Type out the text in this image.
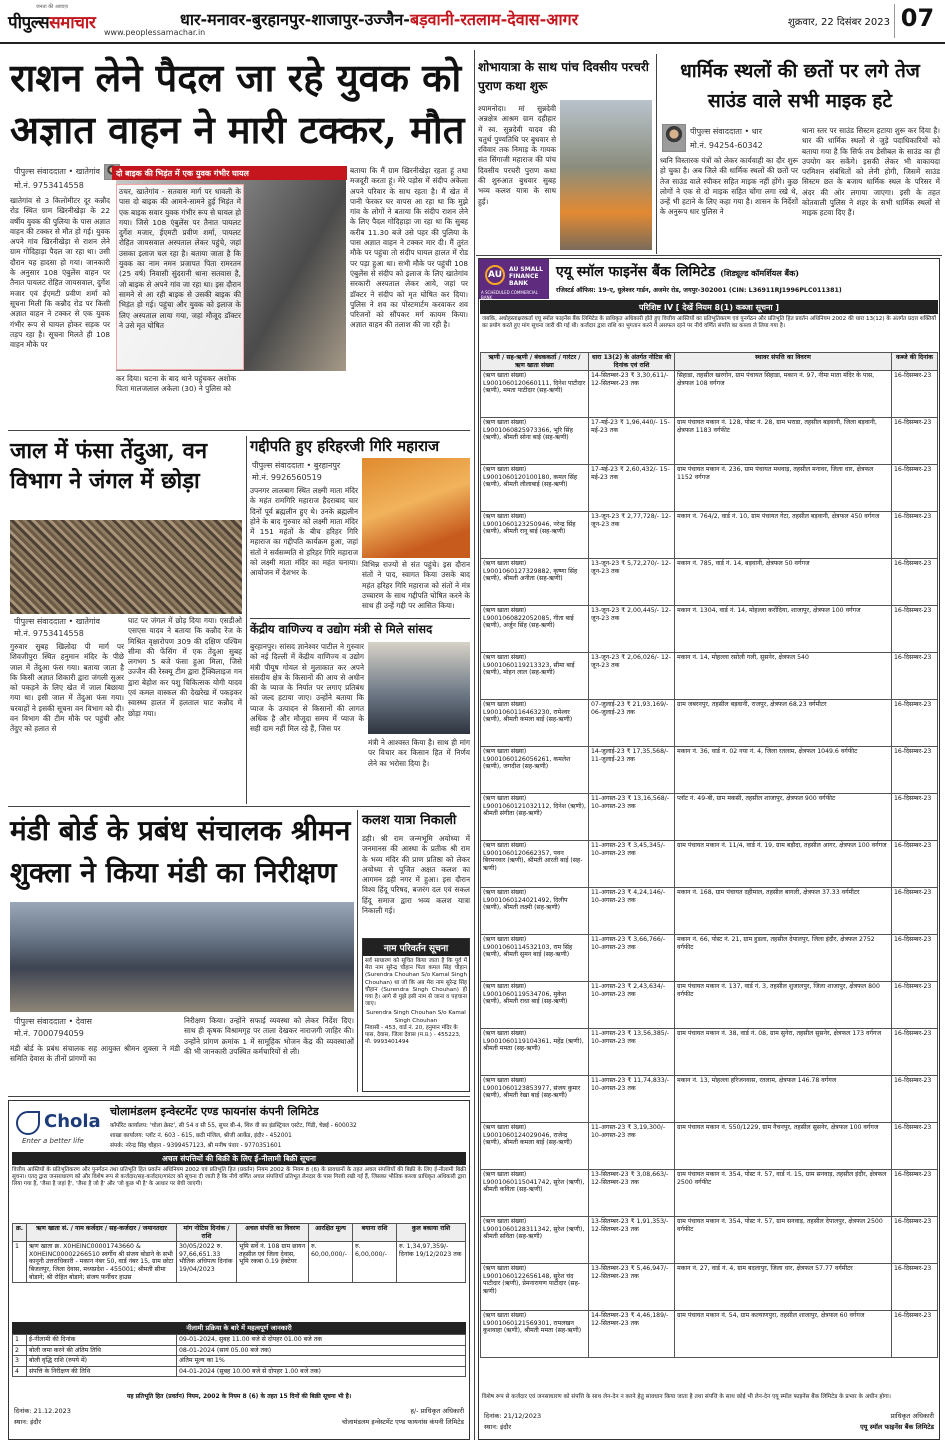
जनता की आवाज़
पीपुल्ससमाचार www.peoplessamachar.in
धार-मनावर-बुरहानपुर-शाजापुर-उज्जैन-बड़वानी-रतलाम-देवास-आगर	शुक्रवार, 22 दिसंबर 2023 07
राशन लेने पैदल जा रहे युवक को अज्ञात वाहन ने मारी टक्कर, मौत
पीपुल्स संवाददाता • खातेगांव
मो.नं. 9753414558
खातेगांव से 3 किलोमीटर दूर कन्नौद रोड स्थित ग्राम खिरनीखेड़ा के 22 वर्षीय युवक की पुलिया के पास अज्ञात वाहन की टक्कर से मौत हो गई। युवक अपने गांव खिरनीखेड़ा से राशन लेने ग्राम गोदिहाड़ा पैदल जा रहा था। उसी दौरान यह हादसा हो गया। जानकारी के अनुसार 108 एंबुलेंस वाहन पर तैनात पायलट रोहित जायसवाल, दुर्गेश मजार एवं ईएमटी प्रवीण शर्मा को सूचना मिली कि कन्नौद रोड पर किसी अज्ञात वाहन ने टक्कर से एक युवक गंभीर रूप से घायल होकर सड़क पर तड़प रहा है। सूचना मिलते ही 108 वाहन मौके पर
दो बाइक की भिड़ंत में एक युवक गंभीर घायल
ठचर, खातेगांव - सतवास मार्ग पर धावली के पास दो बाइक की आमने-सामने हुई भिड़ंत में एक बाइक सवार युवक गंभीर रूप से घायल हो गया। जिसे 108 एंबुलेंस पर तैनात पायलट दुर्गेश मजार, ईएमटी प्रवीण शर्मा, पायलट रोहित जायसवाल अस्पताल लेकर पहुंचे, जहां उसका इलाज चल रहा है। बताया जाता है कि युवक का नाम नमन प्रजापत पिता रामरतन (25 वर्ष) निवासी सुंदरानी थाना सतवास है, जो बाइक से अपने गांव जा रहा था। इस दौरान सामने से आ रही बाइक से उसकी बाइक की भिड़ंत हो गई। पहुंचा और युवक को इलाज के लिए अस्पताल लाया गया, जहां मौजूद डॉक्टर ने उसे मृत घोषित
कर दिया। घटना के बाद थाने पहुंचकर अशोक पिता मालजलाल अकेला (30) ने पुलिस को
बताया कि मैं ग्राम खिरनीखेड़ा रहता हूं तथा मजदूरी करता हूं। मेरे पड़ोस में संदीप अकेला अपने परिवार के साथ रहता है। मैं खेत में पानी फेरकर घर वापस आ रहा था कि मुझे गांव के लोगों ने बताया कि संदीप राशन लेने के लिए पैदल गोदिहाड़ा जा रहा था कि सुबह करीब 11.30 बजे उसे पहर की पुलिया के पास अज्ञात वाहन ने टक्कर मार दी। मैं तुरंत मौके पर पहुंचा तो संदीप घायल हालत में रोड पर पड़ा हुआ था। सभी मौके पर पहुंची 108 एंबुलेंस से संदीप को इलाज के लिए खातेगांव सरकारी अस्पताल लेकर आये, जहां पर डॉक्टर ने संदीप को मृत घोषित कर दिया। पुलिस ने शव का पोस्टमार्टम करवाकर शव परिजनों को सौंपकर मर्ग कायम किया। अज्ञात वाहन की तलाश की जा रही है।
जाल में फंसा तेंदुआ, वन विभाग ने जंगल में छोड़ा
पीपुल्स संवाददाता • खातेगांव
मो.नं. 9753414558
गुरुवार सुबह खिलोदा पी मार्ग पर शिवजीपुरा स्थित हनुमान मंदिर के पीछे जाल में तेंदुआ फंस गया। बताया जाता है कि किसी अज्ञात शिकारी द्वारा जंगली सुअर को पकड़ने के लिए खेत में जाल बिछाया गया था। इसी जाल में तेंदुआ फंस गया। चरवाहों ने इसकी सूचना वन विभाग को दी। वन विभाग की टीम मौके पर पहुंची और तेंदुए को हलात से
घाट पर जंगल में छोड़ दिया गया। एसडीओ एसएस यादव ने बताया कि कन्नौद रेंज के मिश्रित वृक्षारोपण 309 की दक्षिण पश्चिम सीमा की फेंसिंग में एक तेंदुआ सुबह लगभग 5 बजे फंसा हुआ मिला, जिसे उज्जैन की रेस्क्यू टीम द्वारा ट्रैंक्विलाइज गन द्वारा बेहोश कर पशु चिकित्सक योगी यादव एवं कमल वास्कल की देखरेख में पकड़कर स्वास्थ्य हालत में हलताल घाट कन्नौद में छोड़ा गया।
गद्दीपति हुए हरिहरजी गिरि महाराज
पीपुल्स संवाददाता • बुरहानपुर
मो.नं. 9926560519
उपनगर लालबाग स्थित लक्ष्मी माता मंदिर के महंत रामगिरि महाराज हैदराबाद चार दिनों पूर्व ब्रह्मलीन हुए थे। उनके ब्रह्मलीन होने के बाद गुरुवार को लक्ष्मी माता मंदिर में 151 महंतों के बीच हरिहर गिरि महाराज का गद्दीपति कार्यक्रम हुआ, जहां संतों ने सर्वसम्मति से हरिहर गिरि महाराज को लक्ष्मी माता मंदिर का महंत चनाया। आयोजन में देशभर के
विभिन्न राज्यों से संत पहुंचे। इस दौरान संतों ने पाद, स्वागत किया उसके बाद महंत हरिहर गिरि महाराज को संतों ने मंत्र उच्चारण के साथ गद्दीपति घोषित करने के साथ ही उन्हें गद्दी पर आसित किया।
केंद्रीय वाणिज्य व उद्योग मंत्री से मिले सांसद
बुरहानपुर। सांसद ज्ञानेश्वर पाटील ने गुरुवार को नई दिल्ली में केंद्रीय वाणिज्य व उद्योग मंत्री पीयूष गोयल से मुलाकात कर अपने संसदीय क्षेत्र के किसानों की आय से अधीन की के प्याज के निर्यात पर लगाए प्रतिबंध को जल्द हटाया जाए। उन्होंने बताया कि प्याज के उत्पादन से किसानों की लागत अधिक है और मौजूदा समय में प्याज के सही दाम नहीं मिल रहे हैं, जिस पर
मंत्री ने आश्वस्त किया है। साथ ही मांग पर विचार कर किसान हित में निर्णय लेने का भरोसा दिया है।
मंडी बोर्ड के प्रबंध संचालक श्रीमन शुक्ला ने किया मंडी का निरीक्षण
पीपुल्स संवाददाता • देवास
मो.नं. 7000794059
मंडी बोर्ड के प्रबंध संचालक सह आयुक्त श्रीमन शुक्ला ने मंडी समिति देवास के तीनों प्रांगणों का
निरीक्षण किया। उन्होंने सफाई व्यवस्था को लेकर निर्देश दिए। साथ ही कृषक विश्रामगृह पर ताला देखकर नाराजगी जाहिर की। उन्होंने प्रांगण क्रमांक 1 में सामूहिक भोजन केंद्र की व्यवस्थाओं की भी जानकारी उपस्थित कर्मचारियों से ली।
कलश यात्रा निकाली
डही। श्री राम जन्मभूमि अयोध्या में जनमानस की आस्था के प्रतीक श्री राम के भव्य मंदिर की प्राण प्रतिष्ठा को लेकर अयोध्या से पूजित अक्षत कलश का आगमन डही नगर में हुआ। इस दौरान विश्व हिंदू परिषद, बजरंग दल एवं सकल हिंदू समाज द्वारा भव्य कलश यात्रा निकाली गई।
नाम परिवर्तन सूचना
सर्व साधारण को सूचित किया जाता है कि पूर्व में मेरा नाम सुरेन्द्र चौहान पिता कमल सिंह चौहान (Surendra Chouhan S/o Kamal Singh Chouhan) था जो कि अब मेरा नाम सुरेन्द्र सिंह चौहान (Surendra Singh Chouhan) हो गया है। आगे से मुझे इसी नाम से जाना व पहचाना जाए।
Surendra Singh Chouhan S/o Kamal Singh Chouhan
निवासी - 453, वार्ड नं. 20, हनुमान मंदिर के पास, देवास, जिला देवास (म.प्र.) - 455223, मो. 9993401494
Chola
Enter a better life
चोलामंडलम इन्वेस्टमेंट एण्ड फायनांस कंपनी लिमिटेड
कॉर्पोरेट कार्यालय: 'चोला क्रेस्ट', सी 54 व सी 55, सुपर बी-4, थिरु वी का इंडस्ट्रियल एस्टेट, गिंडी, चेन्नई - 600032
शाखा कार्यालय: प्लॉट नं. 603 - 615, छठी मंजिल, श्रीजी आर्केड, इंदौर - 452001
संपर्क: नरेन्द्र सिंह चौहान - 9399457123, श्री मनीष पंवार - 9770351601
अचल संपत्तियों की बिक्री के लिए ई-नीलामी बिक्री सूचना
वित्तीय आस्तियों के प्रतिभूतिकरण और पुनर्गठन तथा प्रतिभूति हित प्रवर्तन अधिनियम 2002 एवं प्रतिभूति हित (प्रवर्तन) नियम 2002 के नियम 8 (6) के प्रावधानों के तहत अचल संपत्तियों की बिक्री के लिए ई-नीलामी बिक्री सूचना। एतद् द्वारा जनसाधारण को और विशेष रूप से कर्जदार/सह-कर्जदार/गारंटर को सूचना दी जाती है कि नीचे वर्णित अचल संपत्तियाँ प्रतिभूत लेनदार के पास गिरवी रखी गई हैं, जिसका भौतिक कब्जा प्राधिकृत अधिकारी द्वारा लिया गया है, 'जैसा है जहां है', 'जैसा है जो है' और 'जो कुछ भी है' के आधार पर बेची जाएगी।
क्र.	ऋण खाता सं. / नाम कर्जदार / सह-कर्जदार / जमानतदार	मांग नोटिस दिनांक / राशि	अचल संपत्ति का विवरण	आरक्षित मूल्य	बयाना राशि	कुल बकाया राशि
1	ऋण खाता क्र. X0HEINC00001743660 & X0HEINC00002266510 स्वर्गीय श्री संजय बोडाने के सभी कानूनी उत्तराधिकारी - मकान नंबर 50, वार्ड नंबर 15, ग्राम छोटा बिजलपुर, जिला देवास, मध्यप्रदेश - 455001; श्रीमती सीमा बोडाने; श्री रोहित बोडाने; संजय फर्नीचर हाउस	30/05/2022 रु. 97,66,651.33
भौतिक अधिपत्य दिनांक 19/04/2023	भूमि सर्वे नं. 108 ग्राम छायन तहसील एवं जिला देवास, भूमि रकबा 0.19 हेक्टेयर	रु. 60,00,000/-	रु. 6,00,000/-	रु. 1,34,97,359/- दिनांक 19/12/2023 तक
नीलामी प्रक्रिया के बारे में महत्वपूर्ण जानकारी
1	ई-नीलामी की दिनांक	09-01-2024, सुबह 11.00 बजे से दोपहर 01.00 बजे तक
2	बोली जमा करने की अंतिम तिथि	08-01-2024 (सायं 05.00 बजे तक)
3	बोली वृद्धि राशि (रुपये में)	अंतिम मूल्य का 1%
4	संपत्ति के निरीक्षण की तिथि	04-01-2024 (सुबह 10.00 बजे से दोपहर 1.00 बजे तक)
यह प्रतिभूति हित (प्रवर्तन) नियम, 2002 के नियम 8 (6) के तहत 15 दिनों की बिक्री सूचना भी है।
दिनांक: 21.12.2023
स्थान: इंदौर
ह/- प्राधिकृत अधिकारी
चोलामंडलम इन्वेस्टमेंट एण्ड फायनांस कंपनी लिमिटेड
शोभायात्रा के साथ पांच दिवसीय परचरी पुराण कथा शुरू
श्यामनोदा। मां सुन्नदेवी अन्नक्षेत्र आश्रम ग्राम दहीहार में स्व. सुन्नदेवी यादव की चतुर्थ पुण्यतिथि पर बुधवार से रविवार तक निमाड़ के गायक संत सिंगाजी महाराज की पांच दिवसीय परचरी पुराण कथा की शुरुआत बुधवार सुबह भव्य कलश यात्रा के साथ हुई।
धार्मिक स्थलों की छतों पर लगे तेज साउंड वाले सभी माइक हटे
पीपुल्स संवाददाता • धार
मो.नं. 94254-60342
ध्वनि विस्तारक यंत्रों को लेकर कार्यवाही का दौर शुरू हो चुका है। अब जिले की धार्मिक स्थलों की छतों पर तेज साउंड वाले स्पीकर सहित माइक नहीं होंगे। कुछ लोगों ने एक से दो माइक सहित चोंगा लगा रखे थे, उन्हें भी हटाने के लिए कहा गया है। शासन के निर्देशों के अनुरूप धार पुलिस ने
थाना स्तर पर साउंड सिस्टम हटाया शुरू कर दिया है। धार की धार्मिक स्थलों से जुड़े पदाधिकारियों को बताया गया है कि सिर्फ तय डेसीबल के साउंड का ही उपयोग कर सकेंगे। इसकी लेकर भी वाकायदा परमिशन संबंधितों को लेनी होगी, जिसमें साउंड सिस्टम छत के बजाय धार्मिक स्थल के परिसर में अंदर की ओर लगाया जाएगा। इसी के तहत कोतवाली पुलिस ने शहर के सभी धार्मिक स्थलों से माइक हटवा दिए हैं।
AU
AU SMALL FINANCE BANK
A SCHEDULED COMMERCIAL BANK
एयू स्मॉल फाइनेंस बैंक लिमिटेड (शिड्यूल्ड कॉमर्शियल बैंक)
रजिस्टर्ड ऑफिस: 19-ए, धुलेश्वर गार्डन, अजमेर रोड, जयपुर-302001 (CIN: L36911RJ1996PLC011381)
परिशिष्ट IV [ देखें नियम 8(1) कब्जा सूचना ]
जबकि, अधोहस्ताक्षरकर्ता एयू स्मॉल फाइनेंस बैंक लिमिटेड के प्राधिकृत अधिकारी होते हुए वित्तीय आस्तियों का प्रतिभूतिकरण एवं पुनर्गठन और प्रतिभूति हित प्रवर्तन अधिनियम 2002 की धारा 13(12) के अंतर्गत प्रदत्त शक्तियों का प्रयोग करते हुए मांग सूचना जारी की गई थी। कर्जदार द्वारा राशि का भुगतान करने में असफल रहने पर नीचे वर्णित संपत्ति का कब्जा ले लिया गया है।
ऋणी / सह-ऋणी / बंधककर्ता / गारंटर / ऋण खाता संख्या	धारा 13(2) के अंतर्गत नोटिस की दिनांक एवं राशि	स्थावर संपत्ति का विवरण	कब्जे की दिनांक
(ऋण खाता संख्या) L9001060120660111, दिनेश पाटीदार (ऋणी), ममता पाटीदार (सह-ऋणी)	14-सितम्बर-23 ₹ 3,30,611/- 12-सितम्बर-23 तक	सिहाडा, तहसील खरगोन, ग्राम पंचायत सिहाडा, मकान नं. 97, नीमा माता मंदिर के पास, क्षेत्रफल 108 वर्गगज	16-दिसम्बर-23
(ऋण खाता संख्या) L9001060825973366, भूरि सिंह (ऋणी), श्रीमती सोना बाई (सह-ऋणी)	17-मई-23 ₹ 1,96,440/- 15-मई-23 तक	ग्राम पंचायत मकान नं. 128, पोस्ट नं. 28, ग्राम भराडा, तहसील बड़वानी, जिला बड़वानी, क्षेत्रफल 1183 वर्गफीट	16-दिसम्बर-23
(ऋण खाता संख्या) L9001060120100180, कमल सिंह (ऋणी), श्रीमती लीलाबाई (सह-ऋणी)	17-मई-23 ₹ 2,60,432/- 15-मई-23 तक	ग्राम पंचायत मकान नं. 236, ग्राम पंचायत मथवाड़, तहसील मनावर, जिला धार, क्षेत्रफल 1152 वर्गगज	16-दिसम्बर-23
(ऋण खाता संख्या) L9001060123250946, नरेन्द्र सिंह (ऋणी), श्रीमती रानू बाई (सह-ऋणी)	13-जून-23 ₹ 2,77,728/- 12-जून-23 तक	मकान नं. 764/2, वार्ड नं. 10, ग्राम पंचायत गेटा, तहसील बड़वानी, क्षेत्रफल 450 वर्गगज	16-दिसम्बर-23
(ऋण खाता संख्या) L9001060127329882, कृष्णा सिंह (ऋणी), श्रीमती अनीता (सह-ऋणी)	13-जून-23 ₹ 5,72,270/- 12-जून-23 तक	मकान नं. 785, वार्ड नं. 14, बड़वानी, क्षेत्रफल 50 वर्गगज	16-दिसम्बर-23
(ऋण खाता संख्या) L9001060822052085, गीता बाई (ऋणी), अर्जुन सिंह (सह-ऋणी)	13-जून-23 ₹ 2,00,445/- 12-जून-23 तक	मकान नं. 1304, वार्ड नं. 14, मोहल्ला करोंदिया, शाजापुर, क्षेत्रफल 100 वर्गगज	16-दिसम्बर-23
(ऋण खाता संख्या) L9001060119213323, सीमा बाई (ऋणी), मोहन लाल (सह-ऋणी)	13-जून-23 ₹ 2,06,026/- 12-जून-23 तक	मकान नं. 14, मोहल्ला रसोली गली, सुसनेर, क्षेत्रफल 540	16-दिसम्बर-23
(ऋण खाता संख्या) L9001060116463230, रामेश्वर (ऋणी), श्रीमती कमला बाई (सह-ऋणी)	07-जुलाई-23 ₹ 21,93,169/- 06-जुलाई-23 तक	ग्राम जबरनपुर, तहसील बड़वानी, राजपुर, क्षेत्रफल 68.23 वर्गमीटर	16-दिसम्बर-23
(ऋण खाता संख्या) L9001060126056261, कमलेश (ऋणी), जगदीश (सह-ऋणी)	14-जुलाई-23 ₹ 17,35,568/- 11-जुलाई-23 तक	मकान नं. 36, वार्ड नं. 02 नया नं. 4, जिला रतलाम, क्षेत्रफल 1049.6 वर्गफीट	16-दिसम्बर-23
(ऋण खाता संख्या) L9001060121032112, दिनेश (ऋणी), श्रीमती संगीता (सह-ऋणी)	11-अगस्त-23 ₹ 13,16,568/- 10-अगस्त-23 तक	प्लॉट नं. 49-बी, ग्राम मकसी, तहसील शाजापुर, क्षेत्रफल 900 वर्गफीट	16-दिसम्बर-23
(ऋण खाता संख्या) L9001060120662357, पवन बिरमनवार (ऋणी), श्रीमती आरती बाई (सह-ऋणी)	11-अगस्त-23 ₹ 3,45,345/- 10-अगस्त-23 तक	ग्राम पंचायत मकान नं. 11/4, वार्ड नं. 19, ग्राम बड़ौदा, तहसील आगर, क्षेत्रफल 100 वर्गगज	16-दिसम्बर-23
(ऋण खाता संख्या) L9001060124021492, दिलीप (ऋणी), श्रीमती लक्ष्मी (सह-ऋणी)	11-अगस्त-23 ₹ 4,24,146/- 10-अगस्त-23 तक	मकान नं. 168, ग्राम पंचायत दहीमाल, तहसील बागली, क्षेत्रफल 37.33 वर्गमीटर	16-दिसम्बर-23
(ऋण खाता संख्या) L9001060114532103, राम सिंह (ऋणी), श्रीमती सुमन बाई (सह-ऋणी)	11-अगस्त-23 ₹ 3,66,766/- 10-अगस्त-23 तक	मकान नं. 66, पोस्ट नं. 21, ग्राम हुडला, तहसील देपालपुर, जिला इंदौर, क्षेत्रफल 2752 वर्गफीट	16-दिसम्बर-23
(ऋण खाता संख्या) L9001060119534706, मुकेश (ऋणी), श्रीमती राधा बाई (सह-ऋणी)	11-अगस्त-23 ₹ 2,43,634/- 10-अगस्त-23 तक	ग्राम पंचायत मकान नं. 137, वार्ड नं. 3, तहसील शुजालपुर, जिला शाजापुर, क्षेत्रफल 800 वर्गफीट	16-दिसम्बर-23
(ऋण खाता संख्या) L9001060119104361, महेंद्र (ऋणी), श्रीमती ममता (सह-ऋणी)	11-अगस्त-23 ₹ 13,56,385/- 10-अगस्त-23 तक	ग्राम पंचायत मकान नं. 38, वार्ड नं. 08, ग्राम सुनेरा, तहसील सुसनेर, क्षेत्रफल 173 वर्गगज	16-दिसम्बर-23
(ऋण खाता संख्या) L9001060123853977, संजय कुमार (ऋणी), श्रीमती रेखा बाई (सह-ऋणी)	11-अगस्त-23 ₹ 11,74,833/- 10-अगस्त-23 तक	मकान नं. 13, मोहल्ला हरिजनवास, रतलाम, क्षेत्रफल 146.78 वर्गगज	16-दिसम्बर-23
(ऋण खाता संख्या) L9001060124029046, राजेन्द्र (ऋणी), श्रीमती कमला बाई (सह-ऋणी)	11-अगस्त-23 ₹ 3,19,300/- 10-अगस्त-23 तक	ग्राम पंचायत मकान नं. 550/1229, ग्राम नैचनपुर, तहसील सुसनेर, क्षेत्रफल 100 वर्गगज	16-दिसम्बर-23
(ऋण खाता संख्या) L9001060115041742, सुरेश (ऋणी), श्रीमती कविता (सह-ऋणी)	13-सितम्बर-23 ₹ 3,08,663/- 12-सितम्बर-23 तक	ग्राम पंचायत मकान नं. 354, पोस्ट नं. 57, वार्ड नं. 15, ग्राम सनवाड़, तहसील इंदौर, क्षेत्रफल 2500 वर्गफीट	16-दिसम्बर-23
(ऋण खाता संख्या) L9001060128311342, सुरेश (ऋणी), श्रीमती सविता (सह-ऋणी)	13-सितम्बर-23 ₹ 1,91,353/- 12-सितम्बर-23 तक	ग्राम पंचायत मकान नं. 354, पोस्ट नं. 57, ग्राम सनवाड़, तहसील देपालपुर, क्षेत्रफल 2500 वर्गफीट	16-दिसम्बर-23
(ऋण खाता संख्या) L9001060122656148, सुरेश चंद पाटीदार (ऋणी), प्रेमनारायण पाटीदार (सह-ऋणी)	13-सितम्बर-23 ₹ 5,46,947/- 12-सितम्बर-23 तक	मकान नं. 27, वार्ड नं. 4, ग्राम बदलापुर, जिला धार, क्षेत्रफल 57.77 वर्गमीटर	16-दिसम्बर-23
(ऋण खाता संख्या) L9001060121569301, रामलखन कुशवाहा (ऋणी), श्रीमती ममता (सह-ऋणी)	14-सितम्बर-23 ₹ 4,46,189/- 12-सितम्बर-23 तक	ग्राम पंचायत मकान नं. 54, ग्राम कल्याणपुरा, तहसील शाजापुर, क्षेत्रफल 60 वर्गगज	16-दिसम्बर-23
विशेष रूप से कर्जदार एवं जनसाधारण को संपत्ति के साथ लेन-देन न करने हेतु सावधान किया जाता है तथा संपत्ति के साथ कोई भी लेन-देन एयू स्मॉल फाइनेंस बैंक लिमिटेड के प्रभार के अधीन होगा।
दिनांक: 21/12/2023
स्थान: इंदौर
प्राधिकृत अधिकारी
एयू स्मॉल फाइनेंस बैंक लिमिटेड
